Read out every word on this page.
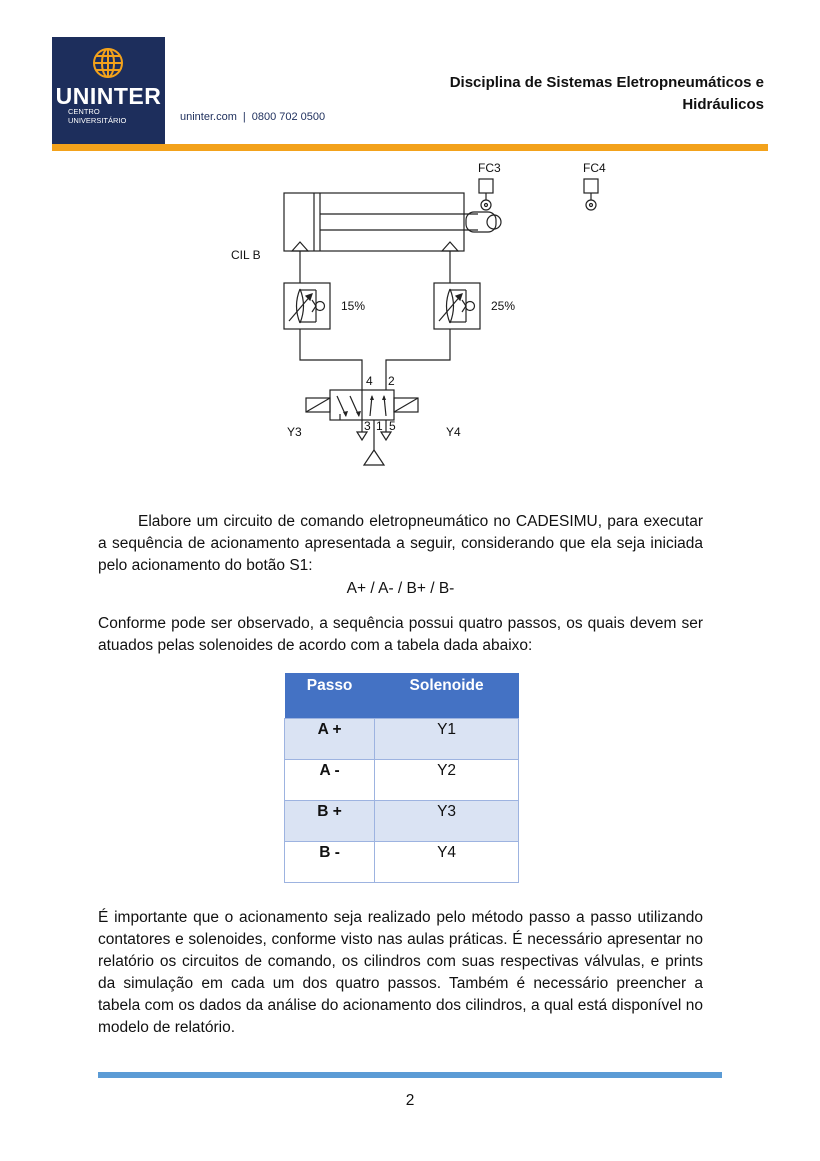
UNINTER
CENTRO
UNIVERSITÁRIO	uninter.com | 0800 702 0500
Disciplina de Sistemas Eletropneumáticos e
Hidráulicos
FC3	FC4
CIL B
15%	25%
4 2
3 1 5
Y3	Y4
Elabore um circuito de comando eletropneumático no CADESIMU, para executar a sequência de acionamento apresentada a seguir, considerando que ela seja iniciada pelo acionamento do botão S1:
A+ / A- / B+ / B-
Conforme pode ser observado, a sequência possui quatro passos, os quais devem ser atuados pelas solenoides de acordo com a tabela dada abaixo:
Passo	Solenoide
A +	Y1
A -	Y2
B +	Y3
B -	Y4
É importante que o acionamento seja realizado pelo método passo a passo utilizando contatores e solenoides, conforme visto nas aulas práticas. É necessário apresentar no relatório os circuitos de comando, os cilindros com suas respectivas válvulas, e prints da simulação em cada um dos quatro passos. Também é necessário preencher a tabela com os dados da análise do acionamento dos cilindros, a qual está disponível no modelo de relatório.
2
